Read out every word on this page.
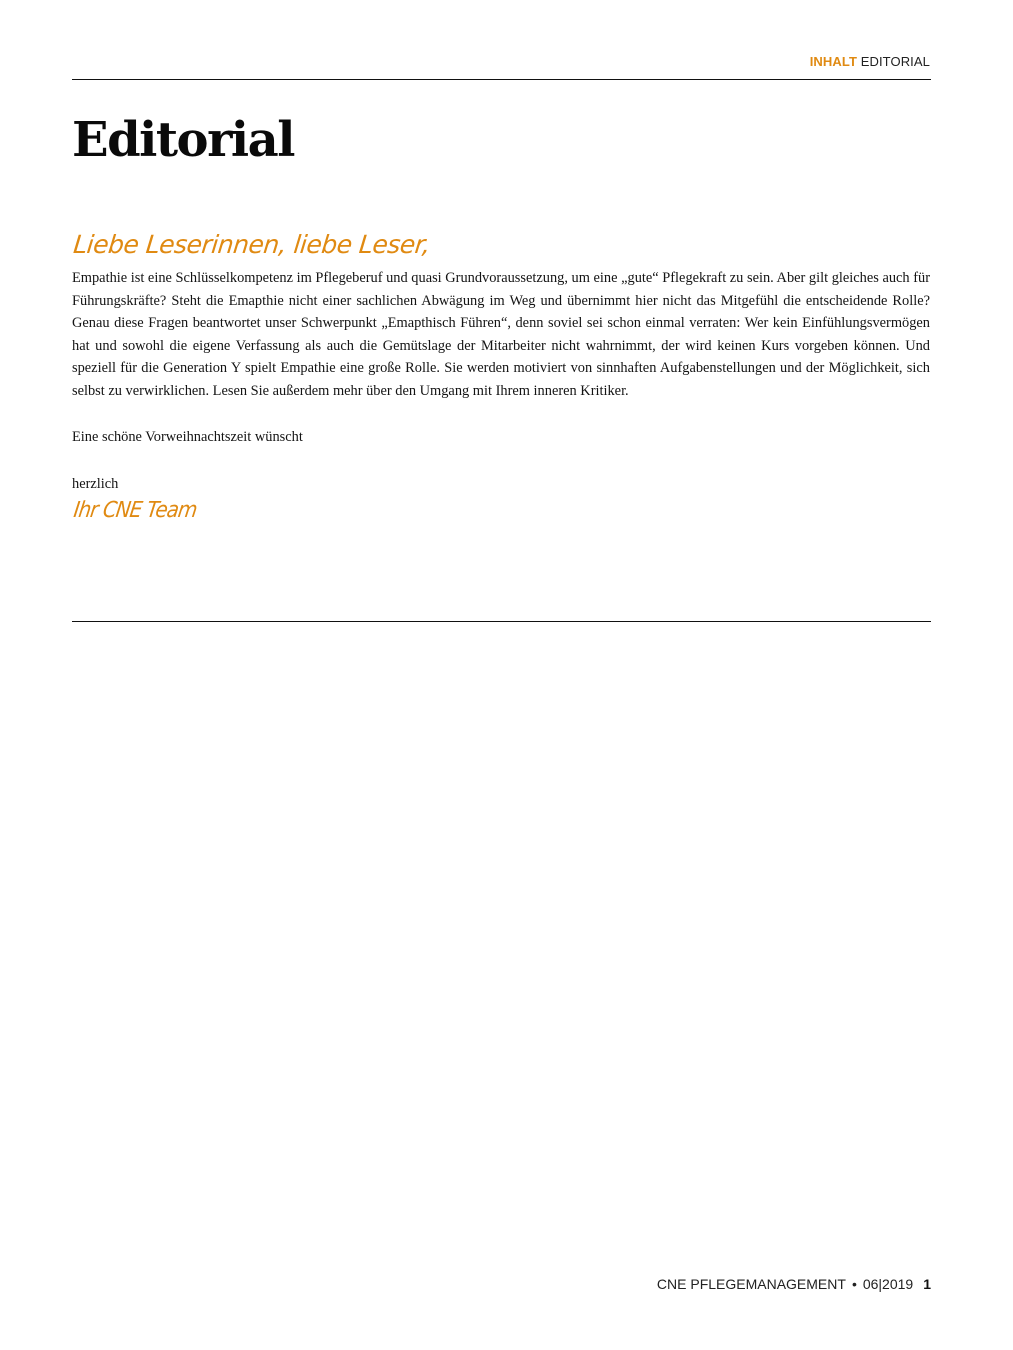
INHALT EDITORIAL
Editorial
Liebe Leserinnen, liebe Leser,

Empathie ist eine Schlüsselkompetenz im Pflegeberuf und quasi Grundvoraussetzung, um eine „gute“ Pflegekraft zu sein. Aber gilt gleiches auch für Führungskräfte? Steht die Emapthie nicht einer sachlichen Abwägung im Weg und übernimmt hier nicht das Mitgefühl die entscheidende Rolle? Genau diese Fragen beantwortet unser Schwerpunkt „Emapthisch Führen“, denn soviel sei schon einmal verraten: Wer kein Einfühlungsvermögen hat und sowohl die eigene Verfassung als auch die Gemütslage der Mitarbeiter nicht wahrnimmt, der wird keinen Kurs vorgeben können. Und speziell für die Generation Y spielt Empathie eine große Rolle. Sie werden motiviert von sinnhaften Aufgabenstellungen und der Möglichkeit, sich selbst zu verwirklichen. Lesen Sie außerdem mehr über den Umgang mit Ihrem inneren Kritiker.

Eine schöne Vorweihnachtszeit wünscht
herzlich
Ihr CNE Team
CNE PFLEGEMANAGEMENT • 06|2019 1
